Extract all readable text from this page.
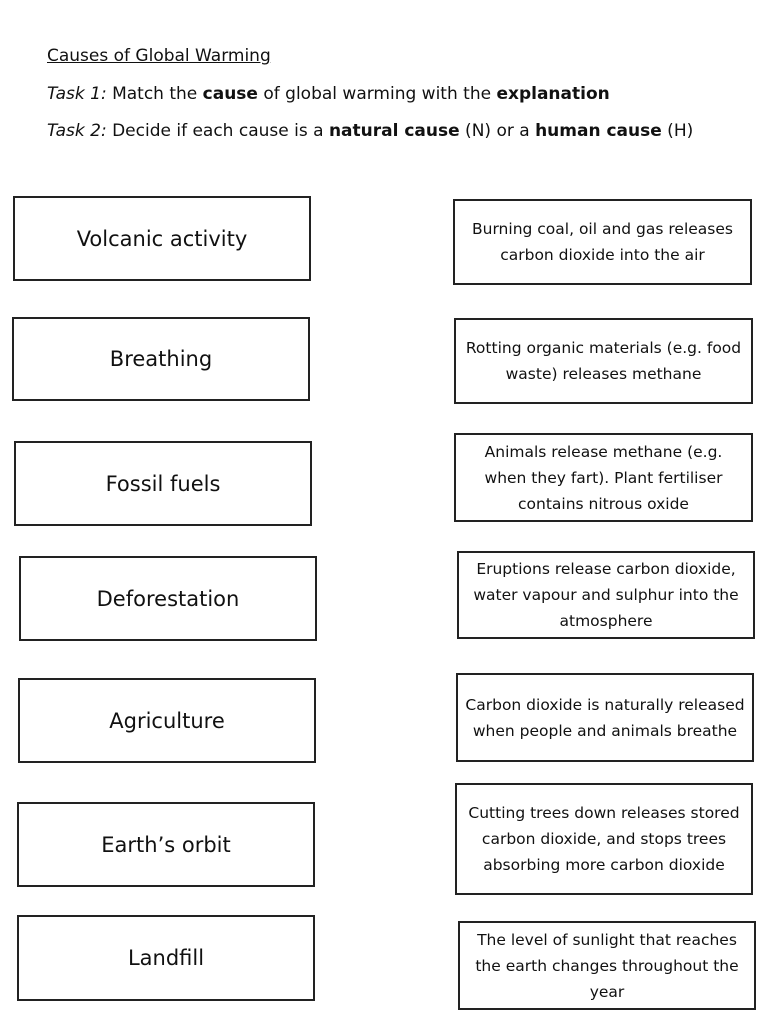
Causes of Global Warming
Task 1: Match the cause of global warming with the explanation
Task 2: Decide if each cause is a natural cause (N) or a human cause (H)
Volcanic activity
Breathing
Fossil fuels
Deforestation
Agriculture
Earth’s orbit
Landfill
Burning coal, oil and gas releases carbon dioxide into the air
Rotting organic materials (e.g. food waste) releases methane
Animals release methane (e.g. when they fart). Plant fertiliser contains nitrous oxide
Eruptions release carbon dioxide, water vapour and sulphur into the atmosphere
Carbon dioxide is naturally released when people and animals breathe
Cutting trees down releases stored carbon dioxide, and stops trees absorbing more carbon dioxide
The level of sunlight that reaches the earth changes throughout the year
